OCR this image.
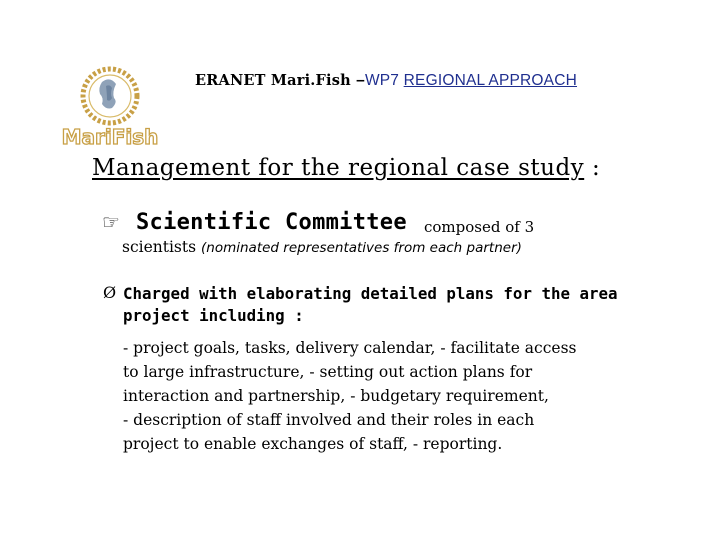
MariFish
ERANET Mari.Fish –WP7 REGIONAL APPROACH
Management for the regional case study :
☞ Scientific Committee composed of 3
scientists (nominated representatives from each partner)
Ø Charged with elaborating detailed plans for the area project including :
- project goals, tasks, delivery calendar, - facilitate access
to large infrastructure, - setting out action plans for
interaction and partnership, - budgetary requirement,
- description of staff involved and their roles in each
project to enable exchanges of staff, - reporting.
